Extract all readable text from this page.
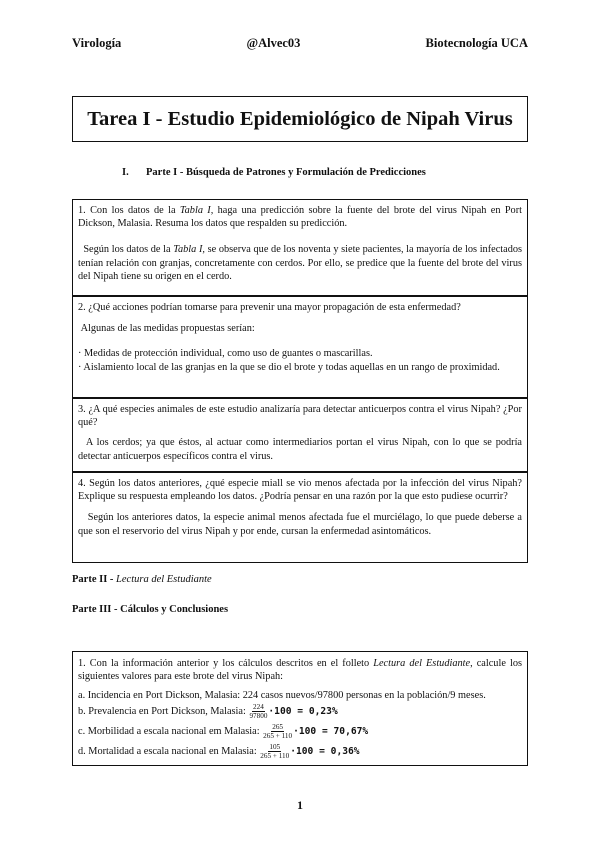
Virología	@Alvec03	Biotecnología UCA
Tarea I - Estudio Epidemiológico de Nipah Virus
I. Parte I - Búsqueda de Patrones y Formulación de Predicciones

1. Con los datos de la Tabla I, haga una predicción sobre la fuente del brote del virus Nipah en Port Dickson, Malasia. Resuma los datos que respalden su predicción.

Según los datos de la Tabla I, se observa que de los noventa y siete pacientes, la mayoría de los infectados tenían relación con granjas, concretamente con cerdos. Por ello, se predice que la fuente del brote del virus del Nipah tiene su origen en el cerdo.

2. ¿Qué acciones podrían tomarse para prevenir una mayor propagación de esta enfermedad?

Algunas de las medidas propuestas serían:

· Medidas de protección individual, como uso de guantes o mascarillas.

· Aislamiento local de las granjas en la que se dio el brote y todas aquellas en un rango de proximidad.

3. ¿A qué especies animales de este estudio analizaría para detectar anticuerpos contra el virus Nipah? ¿Por qué?

A los cerdos; ya que éstos, al actuar como intermediarios portan el virus Nipah, con lo que se podría detectar anticuerpos específicos contra el virus.

4. Según los datos anteriores, ¿qué especie miall se vio menos afectada por la infección del virus Nipah? Explique su respuesta empleando los datos. ¿Podría pensar en una razón por la que esto pudiese ocurrir?

Según los anteriores datos, la especie animal menos afectada fue el murciélago, lo que puede deberse a que son el reservorio del virus Nipah y por ende, cursan la enfermedad asintomáticos.

Parte II - Lectura del Estudiante
Parte III - Cálculos y Conclusiones

1. Con la información anterior y los cálculos descritos en el folleto Lectura del Estudiante, calcule los siguientes valores para este brote del virus Nipah:

a. Incidencia en Port Dickson, Malasia: 224 casos nuevos/97800 personas en la población/9 meses.

b. Prevalencia en Port Dickson, Malasia: $\frac{224}{97800} \cdot 100 = 0,23\%$

c. Morbilidad a escala nacional em Malasia: $\frac{265}{265 + 110} \cdot 100 = 70,67\%$

d. Mortalidad a escala nacional en Malasia: $\frac{105}{265 + 110} \cdot 100 = 0,36\%$

1
